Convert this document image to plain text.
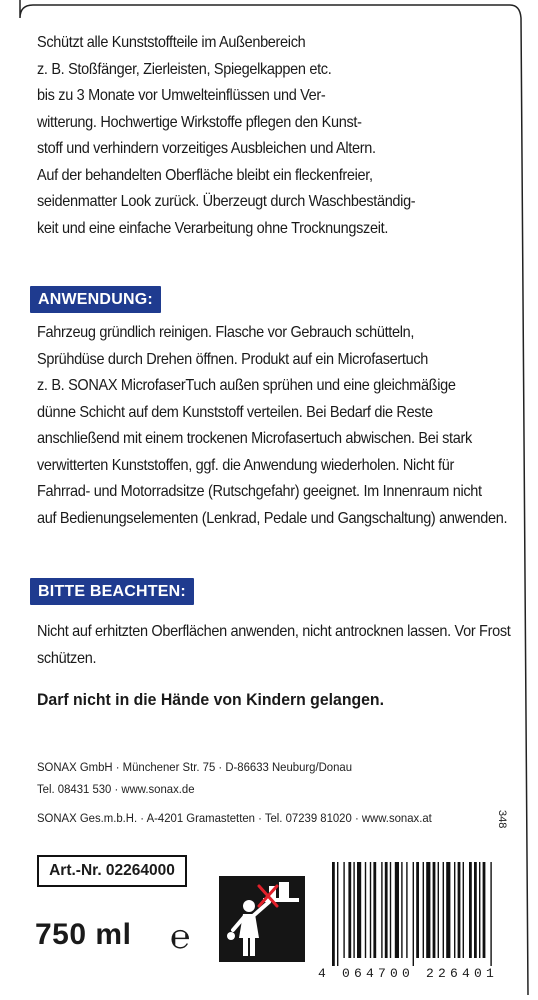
Schützt alle Kunststoffteile im Außenbereich
z. B. Stoßfänger, Zierleisten, Spiegelkappen etc.
bis zu 3 Monate vor Umwelteinflüssen und Ver-
witterung. Hochwertige Wirkstoffe pflegen den Kunst-
stoff und verhindern vorzeitiges Ausbleichen und Altern.
Auf der behandelten Oberfläche bleibt ein fleckenfreier,
seidenmatter Look zurück. Überzeugt durch Waschbeständig-
keit und eine einfache Verarbeitung ohne Trocknungszeit.
ANWENDUNG:
Fahrzeug gründlich reinigen. Flasche vor Gebrauch schütteln,
Sprühdüse durch Drehen öffnen. Produkt auf ein Microfasertuch
z. B. SONAX MicrofaserTuch außen sprühen und eine gleichmäßige
dünne Schicht auf dem Kunststoff verteilen. Bei Bedarf die Reste
anschließend mit einem trockenen Microfasertuch abwischen. Bei stark
verwitterten Kunststoffen, ggf. die Anwendung wiederholen. Nicht für
Fahrrad- und Motorradsitze (Rutschgefahr) geeignet. Im Innenraum nicht
auf Bedienungselementen (Lenkrad, Pedale und Gangschaltung) anwenden.
BITTE BEACHTEN:
Nicht auf erhitzten Oberflächen anwenden, nicht antrocknen lassen. Vor Frost
schützen.
Darf nicht in die Hände von Kindern gelangen.
SONAX GmbH · Münchener Str. 75 · D-86633 Neuburg/Donau
Tel. 08431 530 · www.sonax.de
SONAX Ges.m.b.H. · A-4201 Gramastetten · Tel. 07239 81020 · www.sonax.at	348
Art.-Nr. 02264000
750 ml ℮
4 064700 226401
